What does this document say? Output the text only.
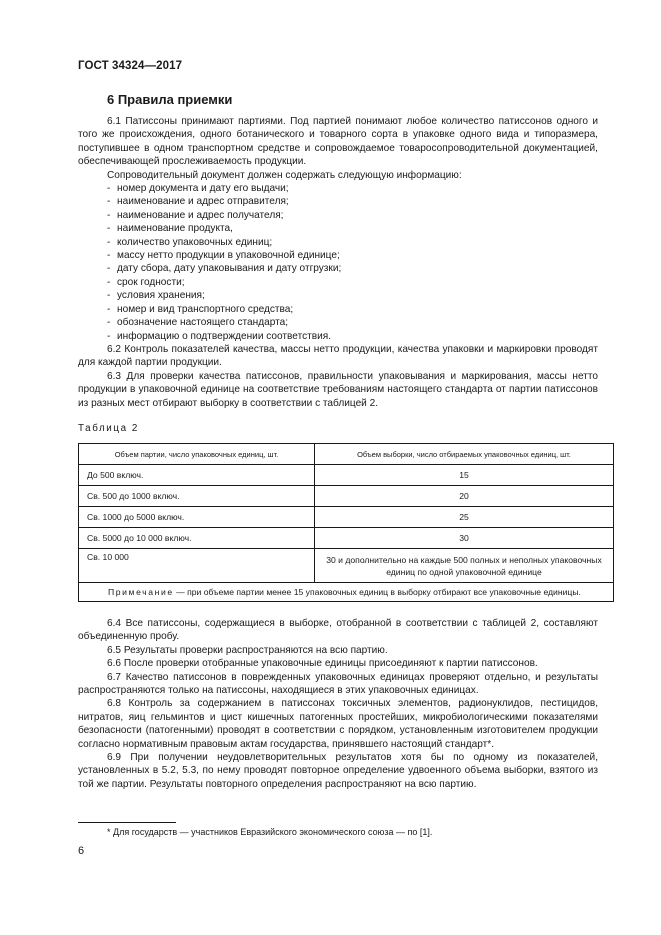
ГОСТ 34324—2017
6 Правила приемки

6.1 Патиссоны принимают партиями. Под партией понимают любое количество патиссонов одного и того же происхождения, одного ботанического и товарного сорта в упаковке одного вида и типоразмера, поступившее в одном транспортном средстве и сопровождаемое товаросопроводительной документацией, обеспечивающей прослеживаемость продукции.

Сопроводительный документ должен содержать следующую информацию:

- номер документа и дату его выдачи;

- наименование и адрес отправителя;

- наименование и адрес получателя;

- наименование продукта,

- количество упаковочных единиц;

- массу нетто продукции в упаковочной единице;

- дату сбора, дату упаковывания и дату отгрузки;

- срок годности;

- условия хранения;

- номер и вид транспортного средства;

- обозначение настоящего стандарта;

- информацию о подтверждении соответствия.

6.2 Контроль показателей качества, массы нетто продукции, качества упаковки и маркировки проводят для каждой партии продукции.

6.3 Для проверки качества патиссонов, правильности упаковывания и маркирования, массы нетто продукции в упаковочной единице на соответствие требованиям настоящего стандарта от партии патиссонов из разных мест отбирают выборку в соответствии с таблицей 2.

Таблица 2
Объем партии, число упаковочных единиц, шт.	Объем выборки, число отбираемых упаковочных единиц, шт.
До 500 включ.	15
Св. 500 до 1000 включ.	20
Св. 1000 до 5000 включ.	25
Св. 5000 до 10 000 включ.	30
Св. 10 000	30 и дополнительно на каждые 500 полных и неполных упаковочных единиц по одной упаковочной единице
Примечание — при объеме партии менее 15 упаковочных единиц в выборку отбирают все упаковочные единицы.	

6.4 Все патиссоны, содержащиеся в выборке, отобранной в соответствии с таблицей 2, составляют объединенную пробу.

6.5 Результаты проверки распространяются на всю партию.

6.6 После проверки отобранные упаковочные единицы присоединяют к партии патиссонов.

6.7 Качество патиссонов в поврежденных упаковочных единицах проверяют отдельно, и результаты распространяются только на патиссоны, находящиеся в этих упаковочных единицах.

6.8 Контроль за содержанием в патиссонах токсичных элементов, радионуклидов, пестицидов, нитратов, яиц гельминтов и цист кишечных патогенных простейших, микробиологическими показателями безопасности (патогенными) проводят в соответствии с порядком, установленным изготовителем продукции согласно нормативным правовым актам государства, принявшего настоящий стандарт*.

6.9 При получении неудовлетворительных результатов хотя бы по одному из показателей, установленных в 5.2, 5.3, по нему проводят повторное определение удвоенного объема выборки, взятого из той же партии. Результаты повторного определения распространяют на всю партию.

* Для государств — участников Евразийского экономического союза — по [1].
6
